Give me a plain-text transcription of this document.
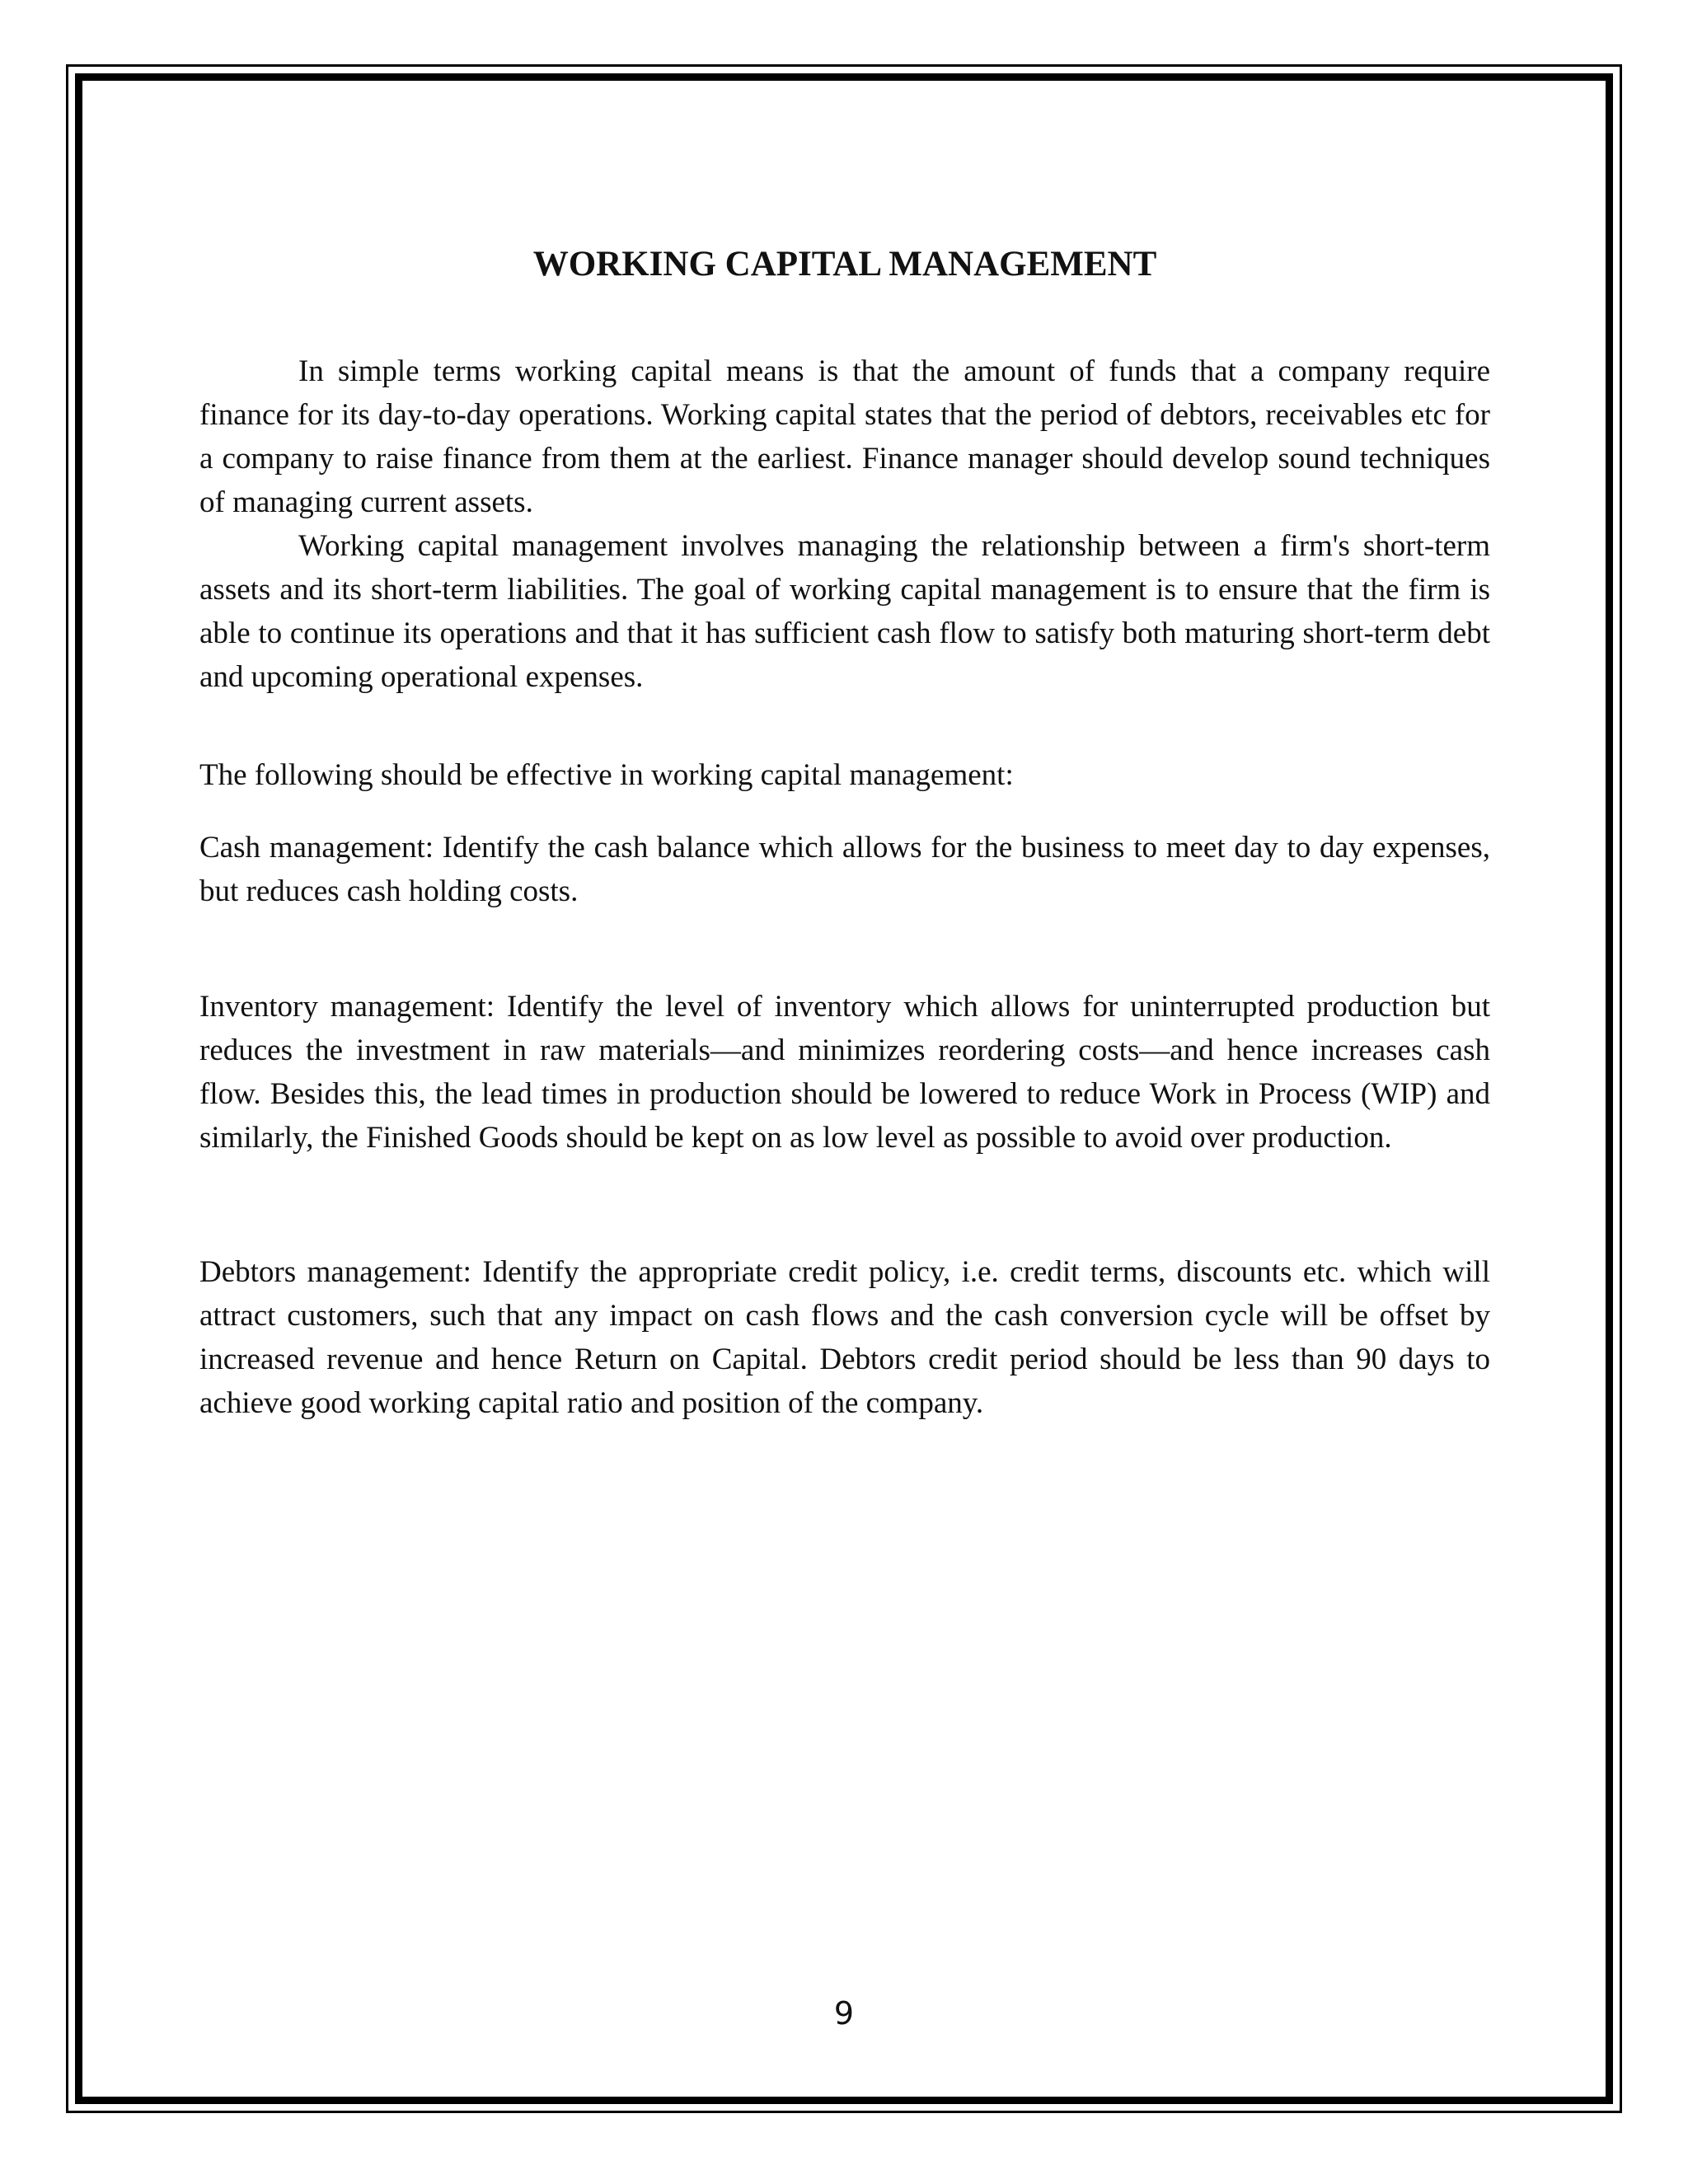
WORKING CAPITAL MANAGEMENT

In simple terms working capital means is that the amount of funds that a company require finance for its day-to-day operations. Working capital states that the period of debtors, receivables etc for a company to raise finance from them at the earliest. Finance manager should develop sound techniques of managing current assets.

Working capital management involves managing the relationship between a firm's short-term assets and its short-term liabilities. The goal of working capital management is to ensure that the firm is able to continue its operations and that it has sufficient cash flow to satisfy both maturing short-term debt and upcoming operational expenses.

The following should be effective in working capital management:

Cash management: Identify the cash balance which allows for the business to meet day to day expenses, but reduces cash holding costs.

Inventory management: Identify the level of inventory which allows for uninterrupted production but reduces the investment in raw materials—and minimizes reordering costs—and hence increases cash flow. Besides this, the lead times in production should be lowered to reduce Work in Process (WIP) and similarly, the Finished Goods should be kept on as low level as possible to avoid over production.

Debtors management: Identify the appropriate credit policy, i.e. credit terms, discounts etc. which will attract customers, such that any impact on cash flows and the cash conversion cycle will be offset by increased revenue and hence Return on Capital. Debtors credit period should be less than 90 days to achieve good working capital ratio and position of the company.

9
